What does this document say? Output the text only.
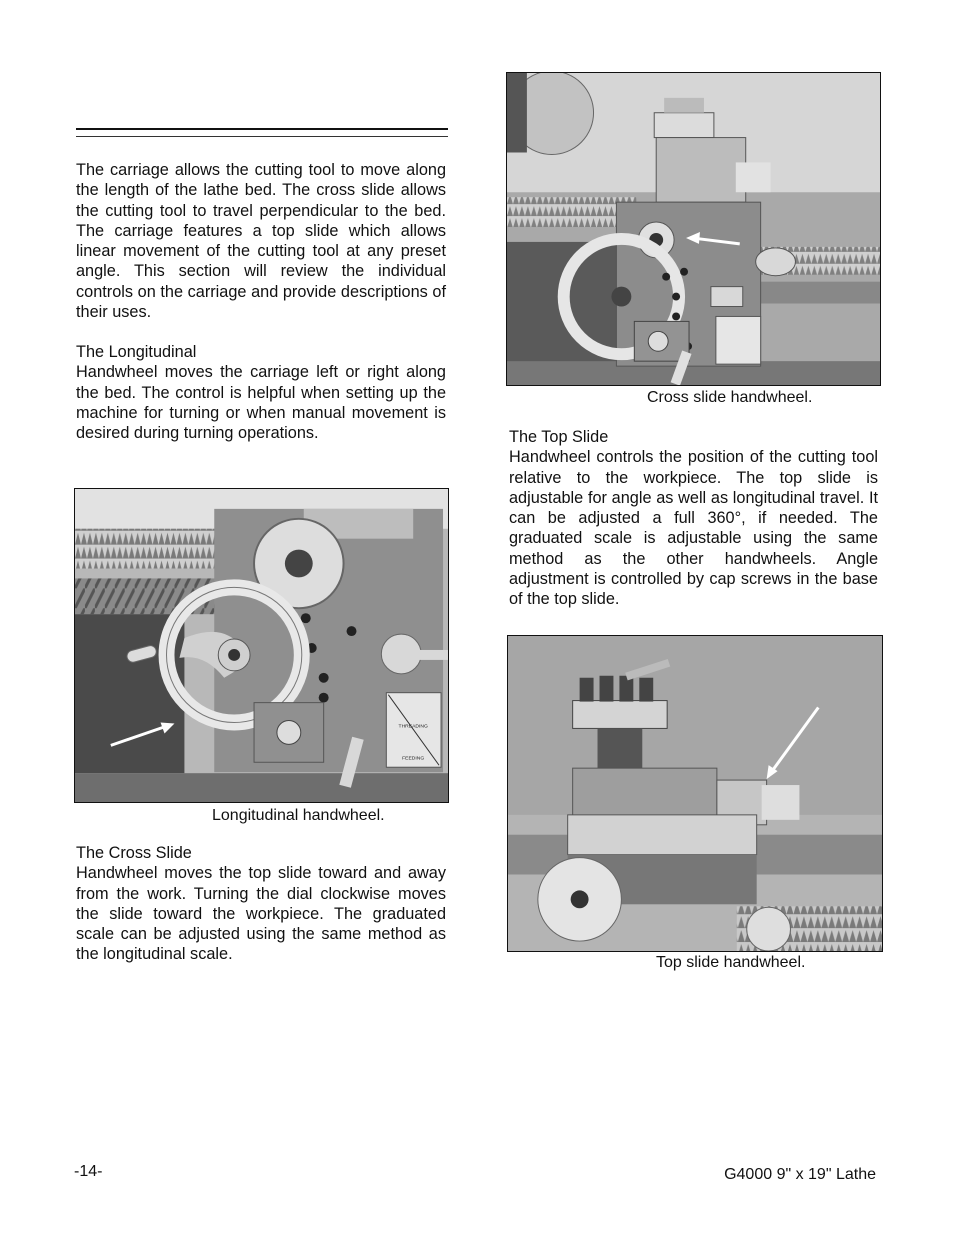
The carriage allows the cutting tool to move along the length of the lathe bed. The cross slide allows the cutting tool to travel perpendicular to the bed. The carriage features a top slide which allows linear movement of the cutting tool at any preset angle. This section will review the individual controls on the carriage and provide descriptions of their uses.

The Longitudinal
Handwheel moves the carriage left or right along the bed. The control is helpful when setting up the machine for turning or when manual movement is desired during turning operations.

THREADING
FEEDING
Longitudinal handwheel.

The Cross Slide
Handwheel moves the top slide toward and away from the work. Turning the dial clockwise moves the slide toward the workpiece. The graduated scale can be adjusted using the same method as the longitudinal scale.

Cross slide handwheel.

The Top Slide
Handwheel controls the position of the cutting tool relative to the workpiece. The top slide is adjustable for angle as well as longitudinal travel. It can be adjusted a full 360°, if needed. The graduated scale is adjustable using the same method as the other handwheels. Angle adjustment is controlled by cap screws in the base of the top slide.

Top slide handwheel.
-14-	G4000 9" x 19" Lathe
